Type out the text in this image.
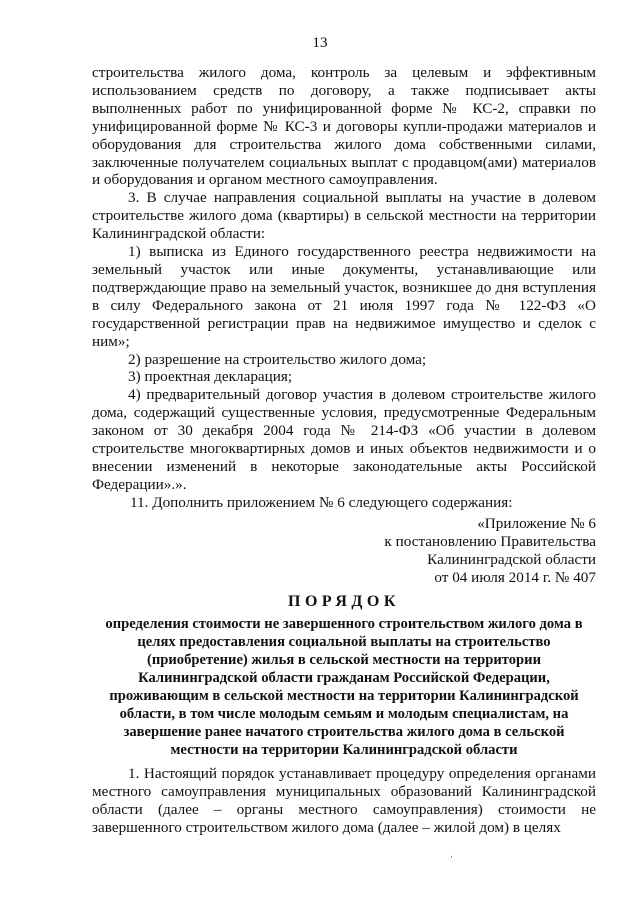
13

строительства жилого дома, контроль за целевым и эффективным использованием средств по договору, а также подписывает акты выполненных работ по унифицированной форме № КС-2, справки по унифицированной форме № КС-3 и договоры купли-продажи материалов и оборудования для строительства жилого дома собственными силами, заключенные получателем социальных выплат с продавцом(ами) материалов и оборудования и органом местного самоуправления.

3. В случае направления социальной выплаты на участие в долевом строительстве жилого дома (квартиры) в сельской местности на территории Калининградской области:

1) выписка из Единого государственного реестра недвижимости на земельный участок или иные документы, устанавливающие или подтверждающие право на земельный участок, возникшее до дня вступления в силу Федерального закона от 21 июля 1997 года № 122-ФЗ «О государственной регистрации прав на недвижимое имущество и сделок с ним»;

2) разрешение на строительство жилого дома;

3) проектная декларация;

4) предварительный договор участия в долевом строительстве жилого дома, содержащий существенные условия, предусмотренные Федеральным законом от 30 декабря 2004 года № 214-ФЗ «Об участии в долевом строительстве многоквартирных домов и иных объектов недвижимости и о внесении изменений в некоторые законодательные акты Российской Федерации».».

11. Дополнить приложением № 6 следующего содержания:

«Приложение № 6
к постановлению Правительства
Калининградской области
от 04 июля 2014 г. № 407
ПОРЯДОК
определения стоимости не завершенного строительством жилого дома в
целях предоставления социальной выплаты на строительство
(приобретение) жилья в сельской местности на территории
Калининградской области гражданам Российской Федерации,
проживающим в сельской местности на территории Калининградской
области, в том числе молодым семьям и молодым специалистам, на
завершение ранее начатого строительства жилого дома в сельской
местности на территории Калининградской области

1. Настоящий порядок устанавливает процедуру определения органами местного самоуправления муниципальных образований Калининградской области (далее – органы местного самоуправления) стоимости не завершенного строительством жилого дома (далее – жилой дом) в целях

ˈ
